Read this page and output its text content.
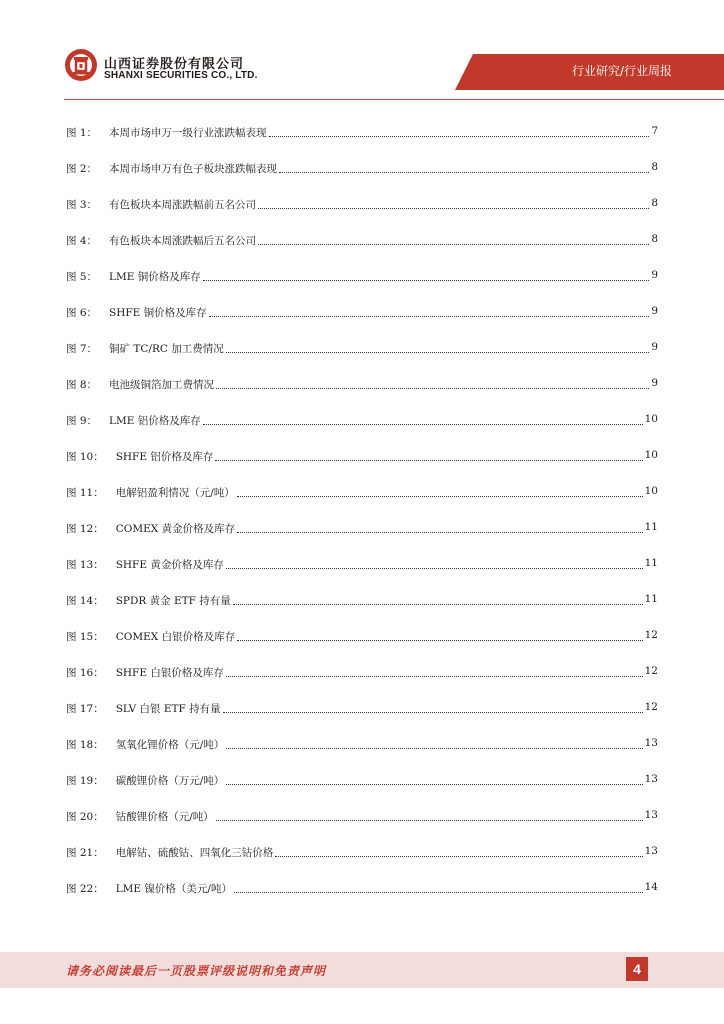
山西证券股份有限公司
SHANXI SECURITIES CO., LTD.	行业研究/行业周报
图 1： 本周市场申万一级行业涨跌幅表现	7
图 2： 本周市场申万有色子板块涨跌幅表现	8
图 3： 有色板块本周涨跌幅前五名公司	8
图 4： 有色板块本周涨跌幅后五名公司	8
图 5： LME 铜价格及库存	9
图 6： SHFE 铜价格及库存	9
图 7： 铜矿 TC/RC 加工费情况	9
图 8： 电池级铜箔加工费情况	9
图 9： LME 铝价格及库存	10
图 10： SHFE 铝价格及库存	10
图 11： 电解铝盈利情况（元/吨）	10
图 12： COMEX 黄金价格及库存	11
图 13： SHFE 黄金价格及库存	11
图 14： SPDR 黄金 ETF 持有量	11
图 15： COMEX 白银价格及库存	12
图 16： SHFE 白银价格及库存	12
图 17： SLV 白银 ETF 持有量	12
图 18： 氢氧化锂价格（元/吨）	13
图 19： 碳酸锂价格（万元/吨）	13
图 20： 钴酸锂价格（元/吨）	13
图 21： 电解钴、硫酸钴、四氧化三钴价格	13
图 22： LME 镍价格（美元/吨）	14
请务必阅读最后一页股票评级说明和免责声明	4
